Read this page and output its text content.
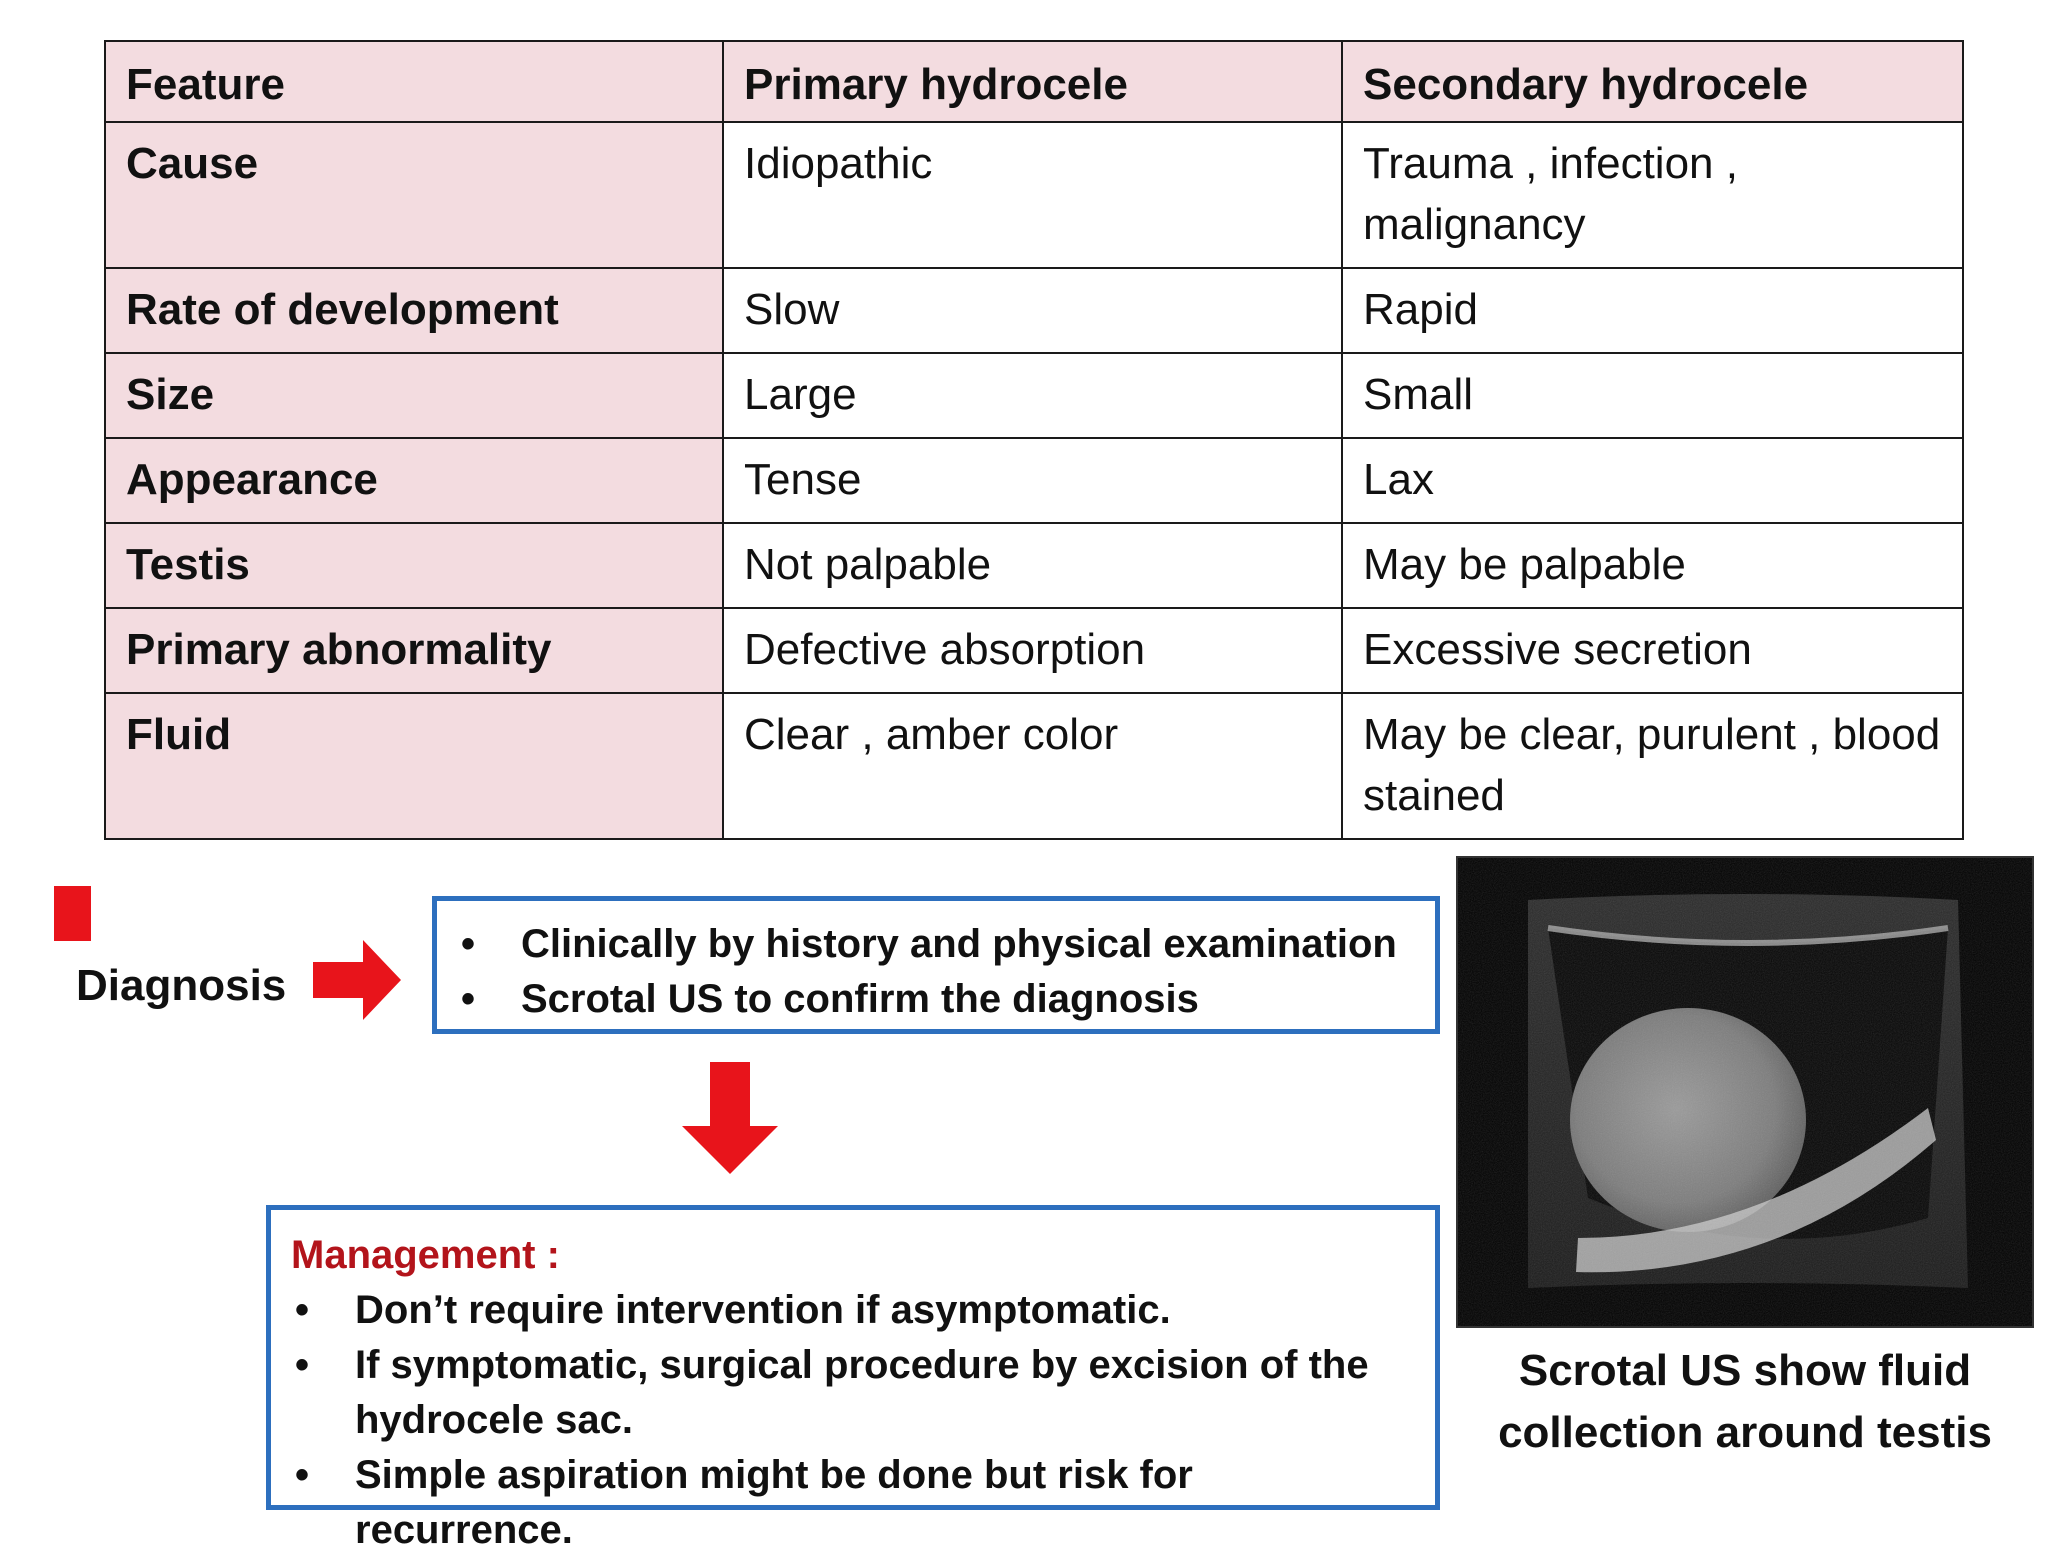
Feature	Primary hydrocele	Secondary hydrocele
Cause	Idiopathic	Trauma , infection , malignancy
Rate of development	Slow	Rapid
Size	Large	Small
Appearance	Tense	Lax
Testis	Not palpable	May be palpable
Primary abnormality	Defective absorption	Excessive secretion
Fluid	Clear , amber color	May be clear, purulent , blood stained
Diagnosis
• Clinically by history and physical examination
• Scrotal US to confirm the diagnosis
Management :
• Don’t require intervention if asymptomatic.
• If symptomatic, surgical procedure by excision of the hydrocele sac.
• Simple aspiration might be done but risk for recurrence.
Scrotal US show fluid
collection around testis
